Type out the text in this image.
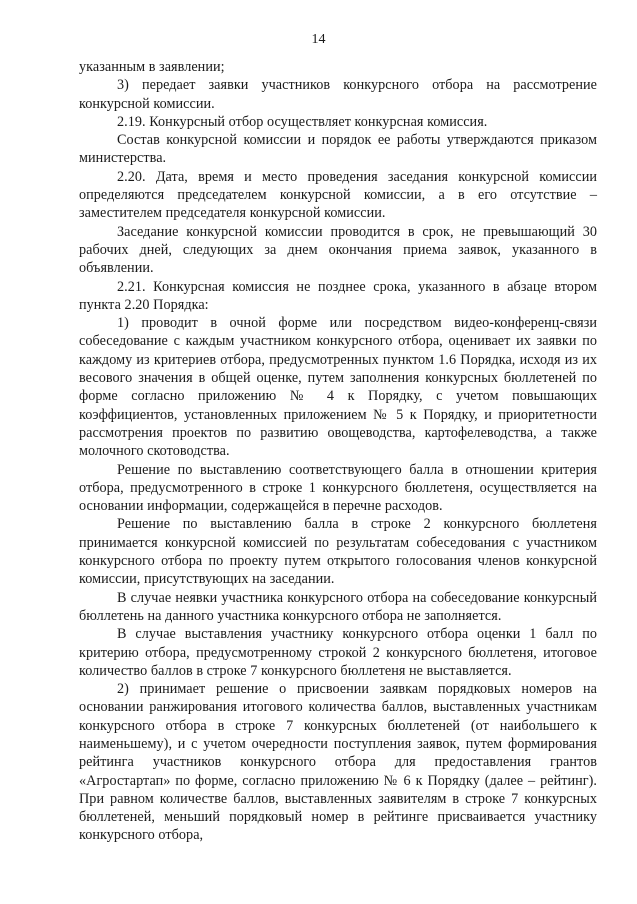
14

указанным в заявлении;

3) передает заявки участников конкурсного отбора на рассмотрение конкурсной комиссии.

2.19. Конкурсный отбор осуществляет конкурсная комиссия.

Состав конкурсной комиссии и порядок ее работы утверждаются приказом министерства.

2.20. Дата, время и место проведения заседания конкурсной комиссии определяются председателем конкурсной комиссии, а в его отсутствие – заместителем председателя конкурсной комиссии.

Заседание конкурсной комиссии проводится в срок, не превышающий 30 рабочих дней, следующих за днем окончания приема заявок, указанного в объявлении.

2.21. Конкурсная комиссия не позднее срока, указанного в абзаце втором пункта 2.20 Порядка:

1) проводит в очной форме или посредством видео-конференц-связи собеседование с каждым участником конкурсного отбора, оценивает их заявки по каждому из критериев отбора, предусмотренных пунктом 1.6 Порядка, исходя из их весового значения в общей оценке, путем заполнения конкурсных бюллетеней по форме согласно приложению № 4 к Порядку, с учетом повышающих коэффициентов, установленных приложением № 5 к Порядку, и приоритетности рассмотрения проектов по развитию овощеводства, картофелеводства, а также молочного скотоводства.

Решение по выставлению соответствующего балла в отношении критерия отбора, предусмотренного в строке 1 конкурсного бюллетеня, осуществляется на основании информации, содержащейся в перечне расходов.

Решение по выставлению балла в строке 2 конкурсного бюллетеня принимается конкурсной комиссией по результатам собеседования с участником конкурсного отбора по проекту путем открытого голосования членов конкурсной комиссии, присутствующих на заседании.

В случае неявки участника конкурсного отбора на собеседование конкурсный бюллетень на данного участника конкурсного отбора не заполняется.

В случае выставления участнику конкурсного отбора оценки 1 балл по критерию отбора, предусмотренному строкой 2 конкурсного бюллетеня, итоговое количество баллов в строке 7 конкурсного бюллетеня не выставляется.

2) принимает решение о присвоении заявкам порядковых номеров на основании ранжирования итогового количества баллов, выставленных участникам конкурсного отбора в строке 7 конкурсных бюллетеней (от наибольшего к наименьшему), и с учетом очередности поступления заявок, путем формирования рейтинга участников конкурсного отбора для предоставления грантов «Агростартап» по форме, согласно приложению № 6 к Порядку (далее – рейтинг). При равном количестве баллов, выставленных заявителям в строке 7 конкурсных бюллетеней, меньший порядковый номер в рейтинге присваивается участнику конкурсного отбора,
